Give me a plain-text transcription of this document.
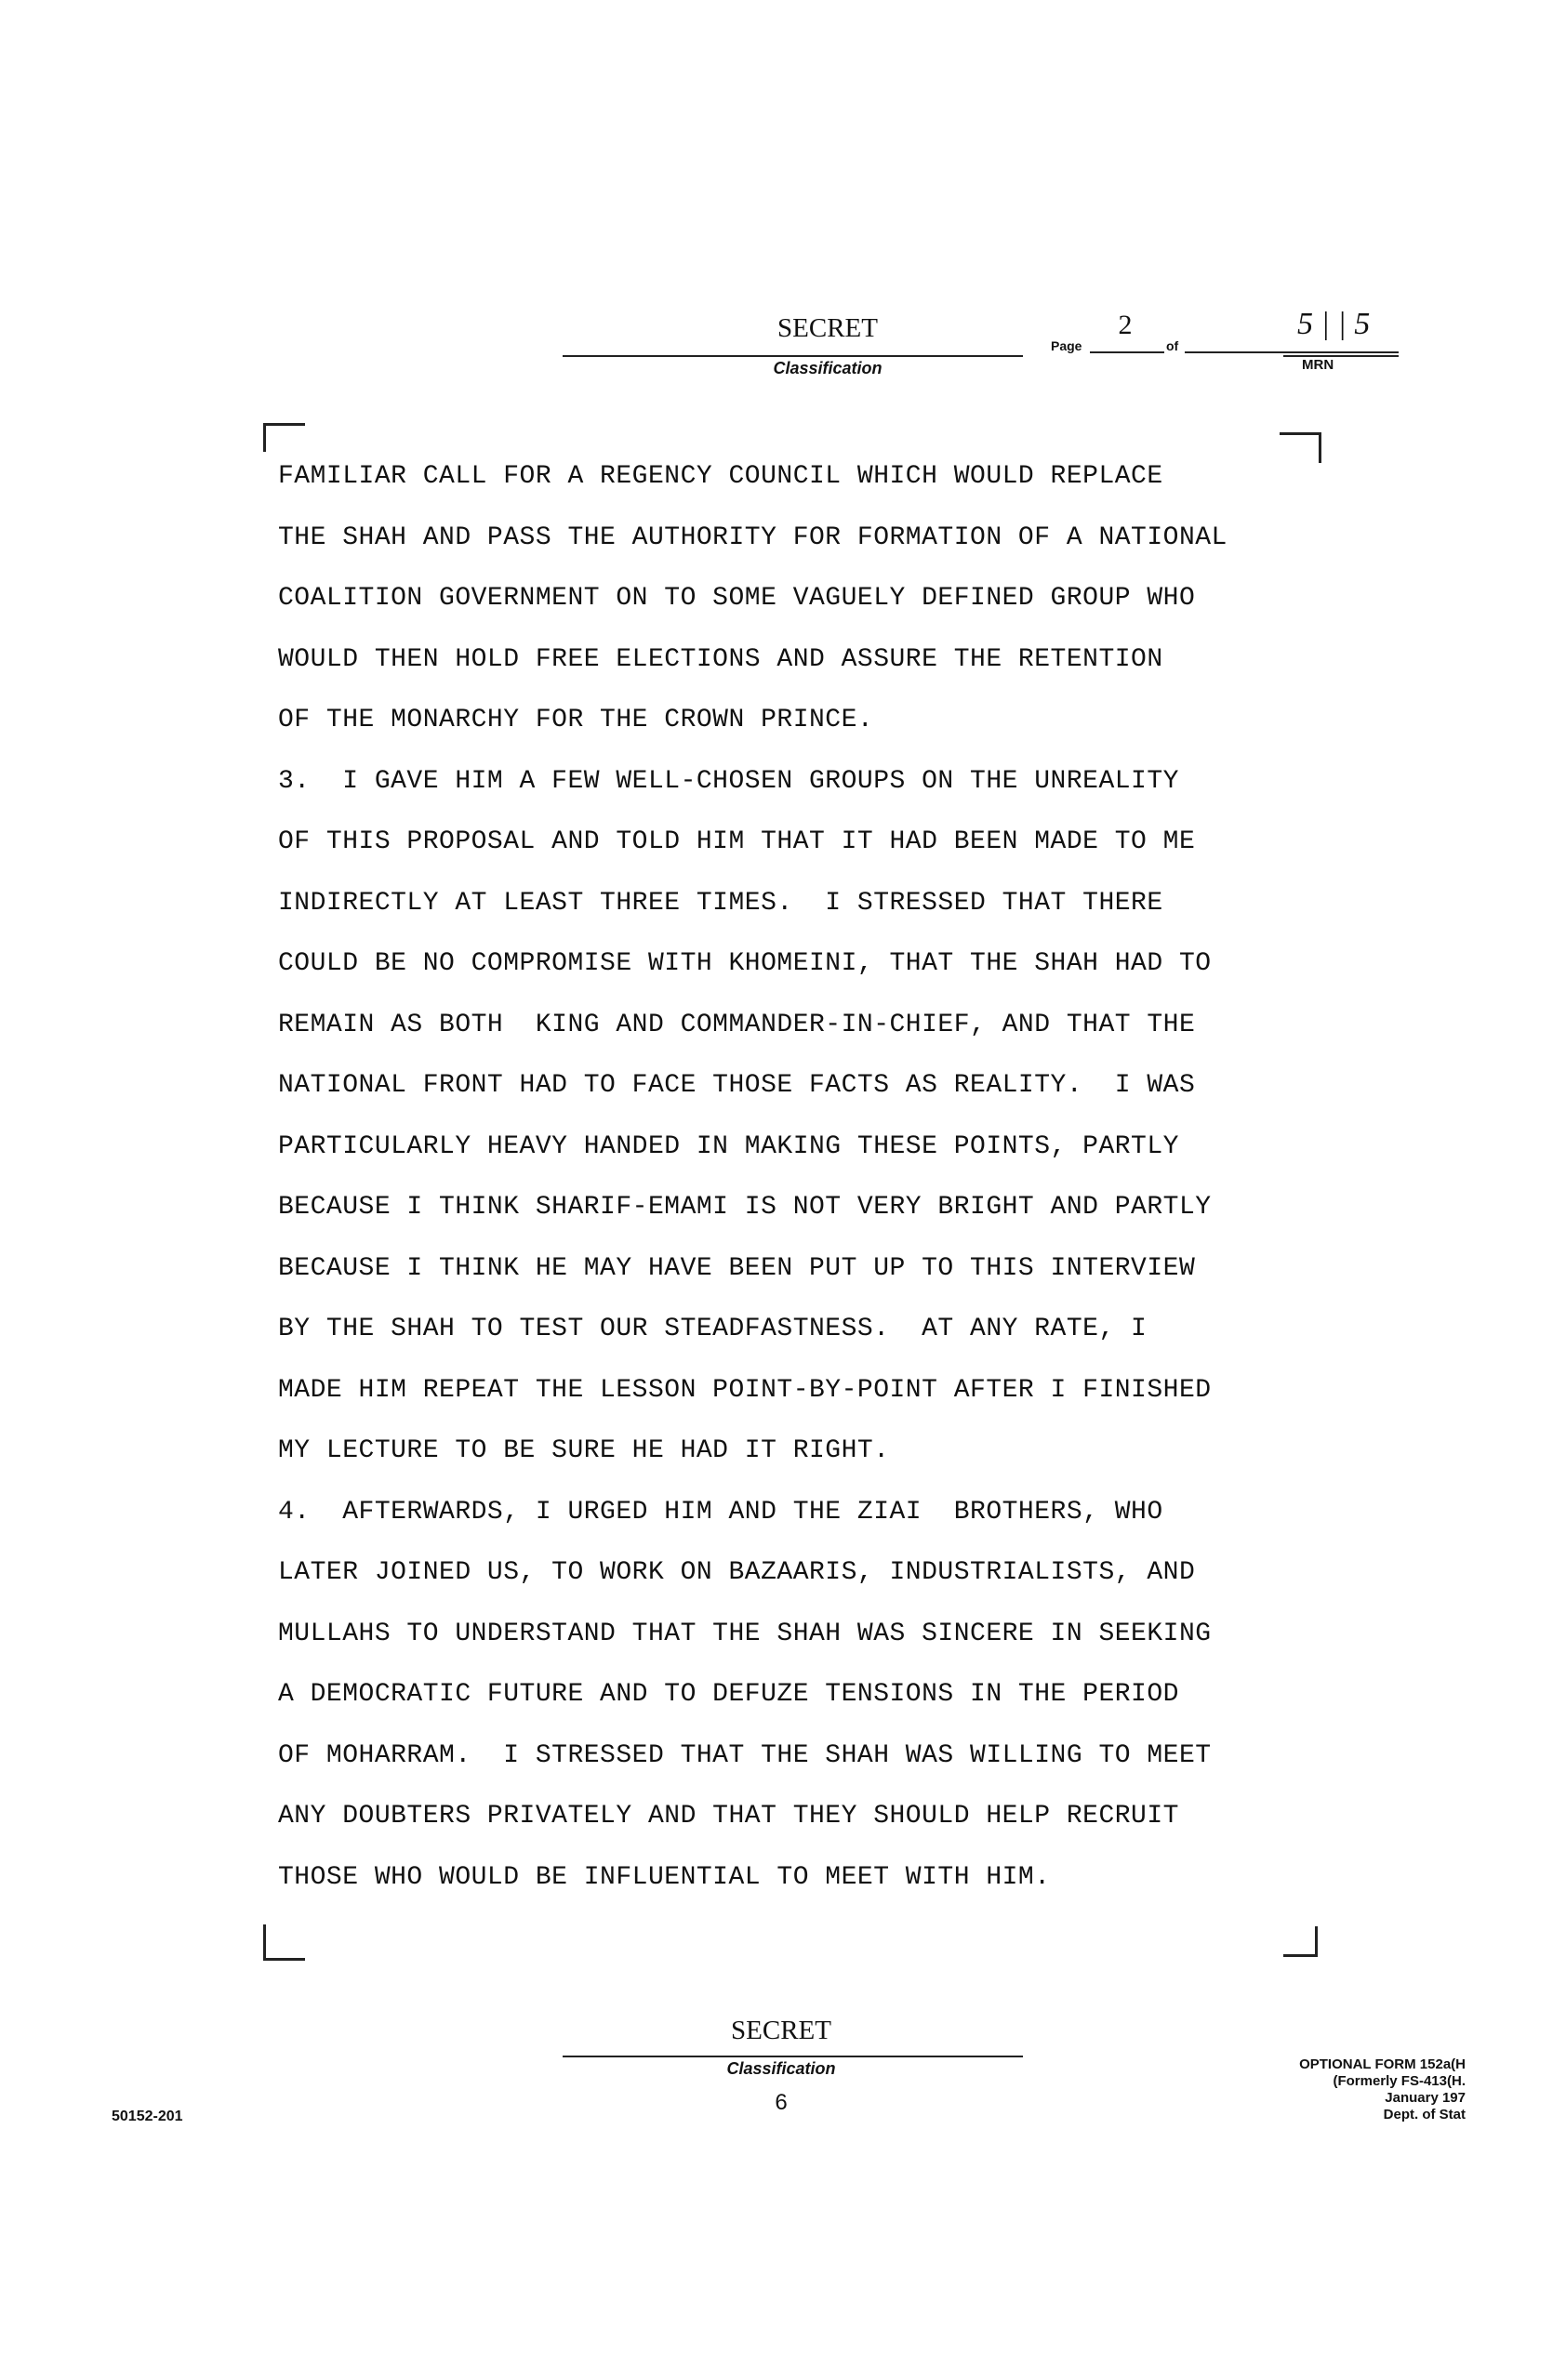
SECRET
Classification
Page
2
of
5 | | 5
MRN
FAMILIAR CALL FOR A REGENCY COUNCIL WHICH WOULD REPLACE
THE SHAH AND PASS THE AUTHORITY FOR FORMATION OF A NATIONAL
COALITION GOVERNMENT ON TO SOME VAGUELY DEFINED GROUP WHO
WOULD THEN HOLD FREE ELECTIONS AND ASSURE THE RETENTION
OF THE MONARCHY FOR THE CROWN PRINCE.
3.  I GAVE HIM A FEW WELL-CHOSEN GROUPS ON THE UNREALITY
OF THIS PROPOSAL AND TOLD HIM THAT IT HAD BEEN MADE TO ME
INDIRECTLY AT LEAST THREE TIMES.  I STRESSED THAT THERE
COULD BE NO COMPROMISE WITH KHOMEINI, THAT THE SHAH HAD TO
REMAIN AS BOTH  KING AND COMMANDER-IN-CHIEF, AND THAT THE
NATIONAL FRONT HAD TO FACE THOSE FACTS AS REALITY.  I WAS
PARTICULARLY HEAVY HANDED IN MAKING THESE POINTS, PARTLY
BECAUSE I THINK SHARIF-EMAMI IS NOT VERY BRIGHT AND PARTLY
BECAUSE I THINK HE MAY HAVE BEEN PUT UP TO THIS INTERVIEW
BY THE SHAH TO TEST OUR STEADFASTNESS.  AT ANY RATE, I
MADE HIM REPEAT THE LESSON POINT-BY-POINT AFTER I FINISHED
MY LECTURE TO BE SURE HE HAD IT RIGHT.
4.  AFTERWARDS, I URGED HIM AND THE ZIAI  BROTHERS, WHO
LATER JOINED US, TO WORK ON BAZAARIS, INDUSTRIALISTS, AND
MULLAHS TO UNDERSTAND THAT THE SHAH WAS SINCERE IN SEEKING
A DEMOCRATIC FUTURE AND TO DEFUZE TENSIONS IN THE PERIOD
OF MOHARRAM.  I STRESSED THAT THE SHAH WAS WILLING TO MEET
ANY DOUBTERS PRIVATELY AND THAT THEY SHOULD HELP RECRUIT
THOSE WHO WOULD BE INFLUENTIAL TO MEET WITH HIM.
SECRET
Classification
6
50152-201
OPTIONAL FORM 152a(H
(Formerly FS-413(H.
January 197
Dept. of Stat
